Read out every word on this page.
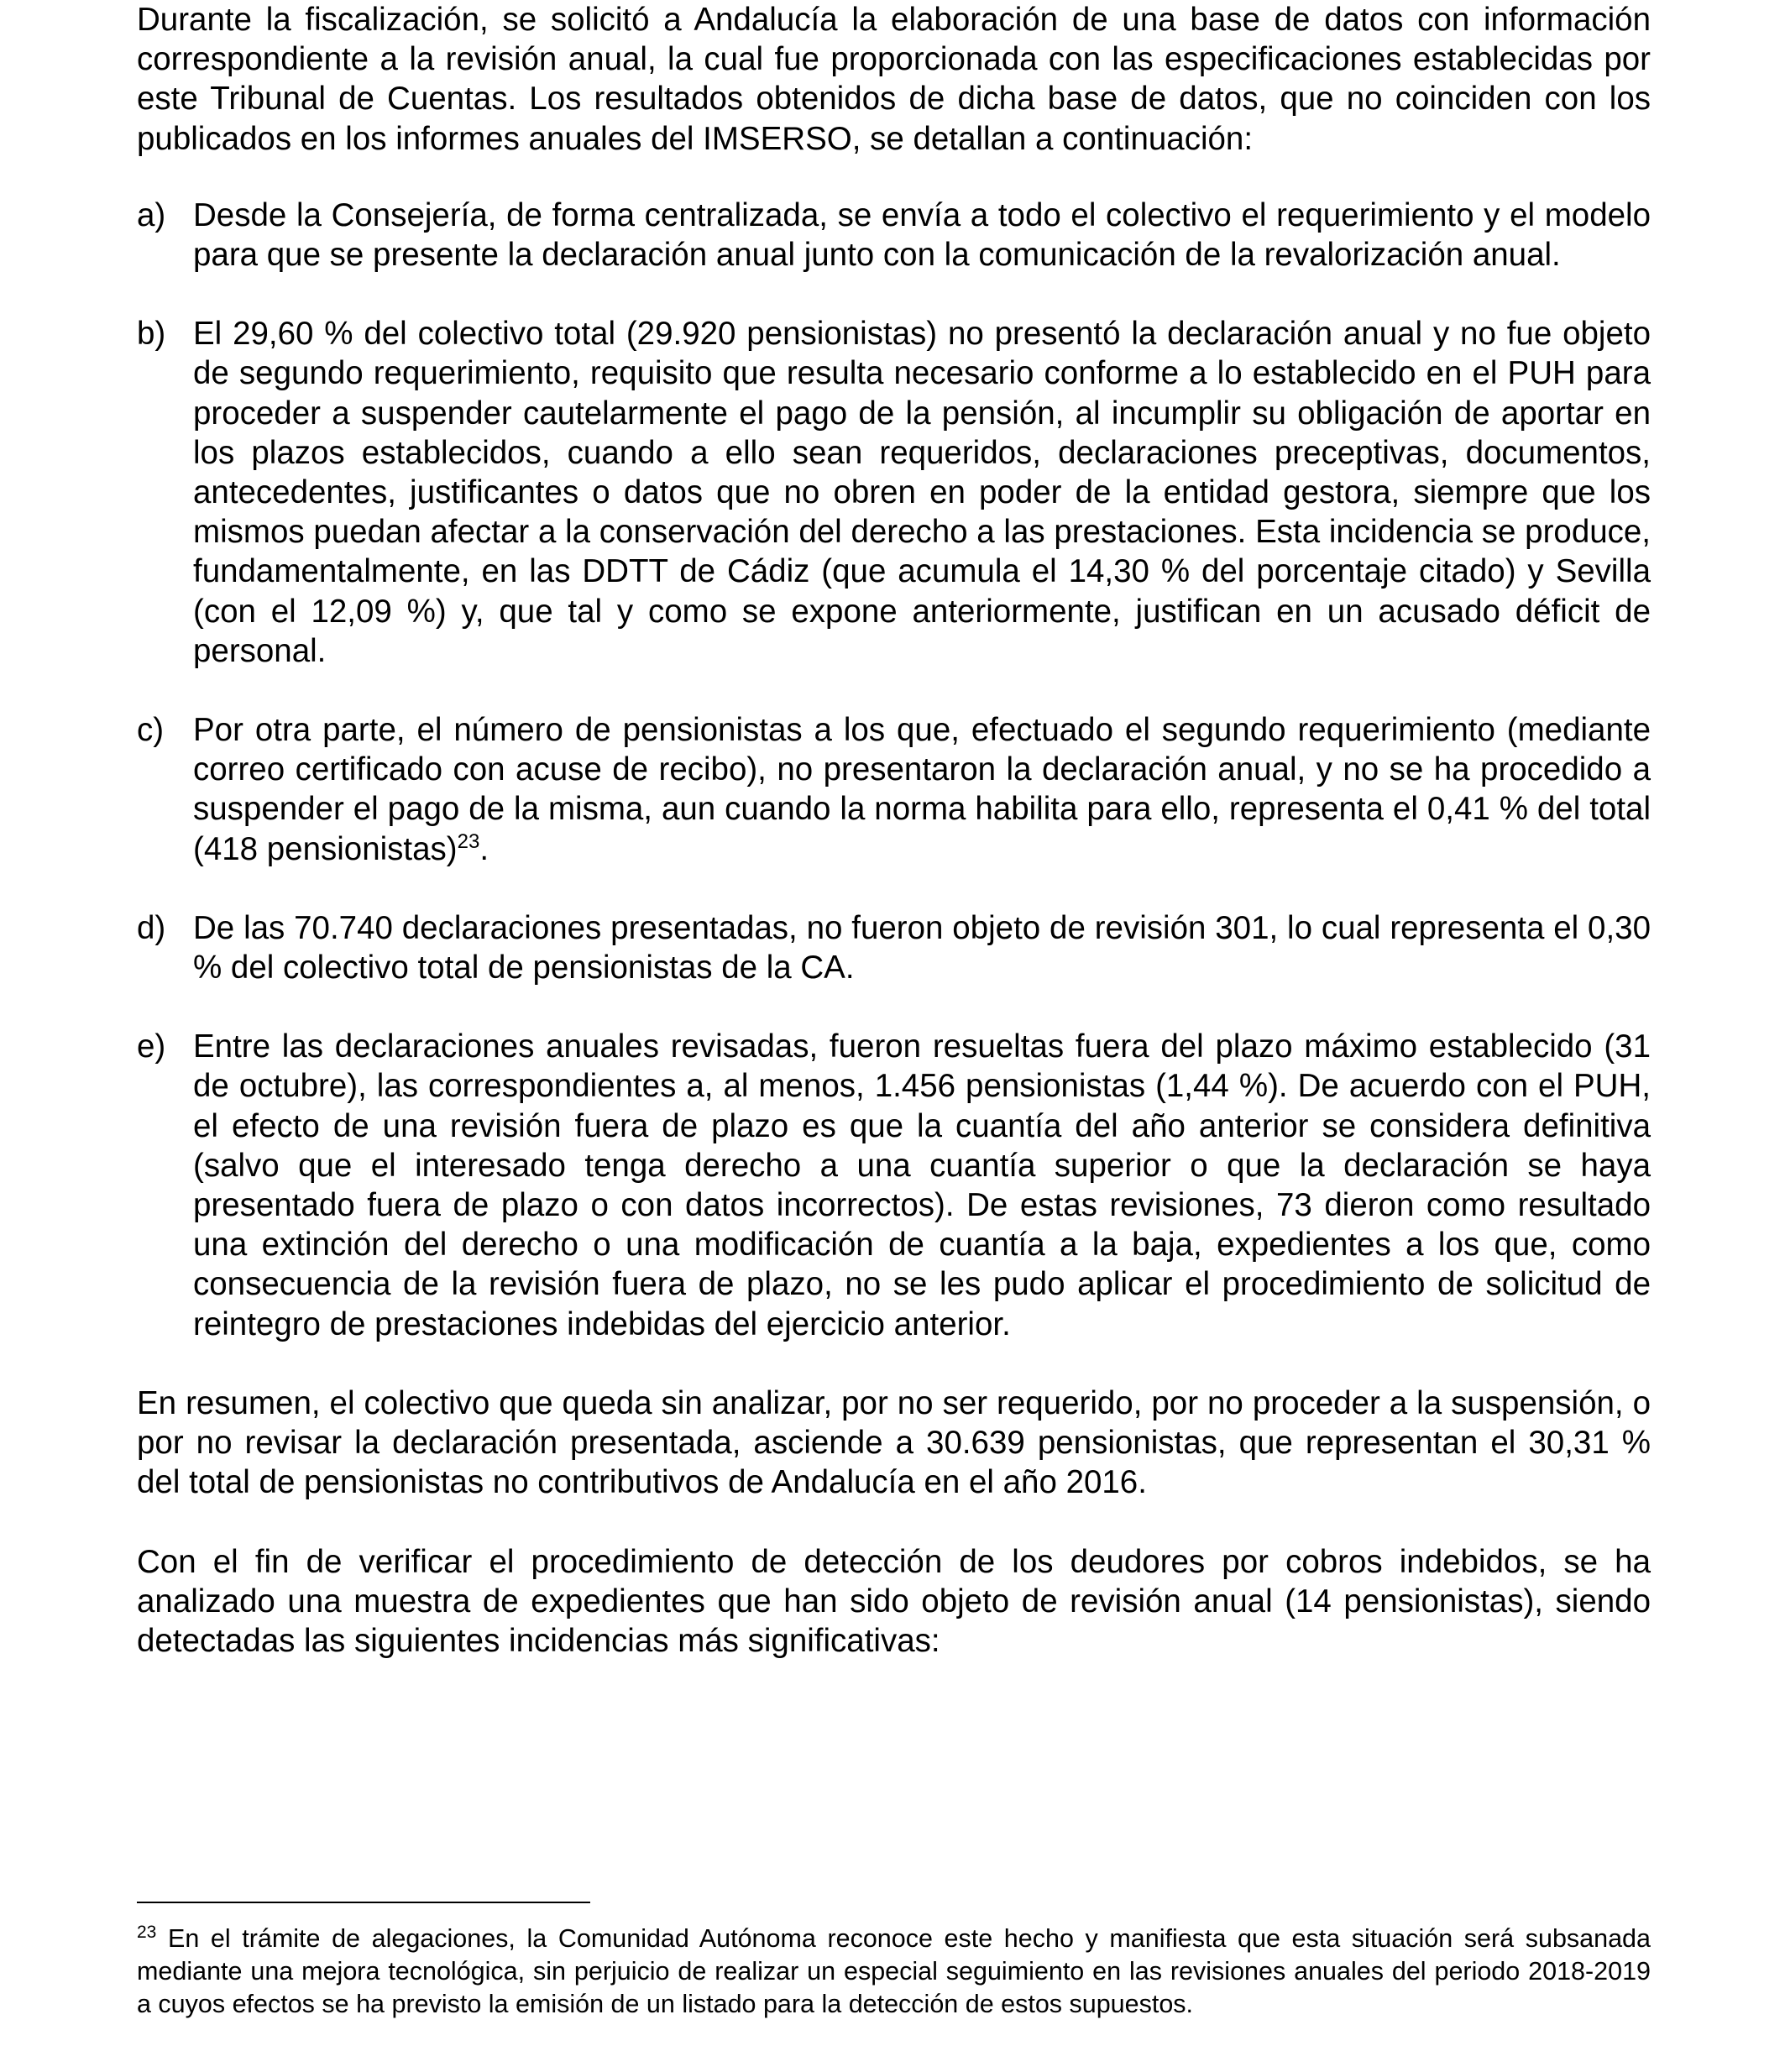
Durante la fiscalización, se solicitó a Andalucía la elaboración de una base de datos con información correspondiente a la revisión anual, la cual fue proporcionada con las especificaciones establecidas por este Tribunal de Cuentas. Los resultados obtenidos de dicha base de datos, que no coinciden con los publicados en los informes anuales del IMSERSO, se detallan a continuación:

a) Desde la Consejería, de forma centralizada, se envía a todo el colectivo el requerimiento y el modelo para que se presente la declaración anual junto con la comunicación de la revalorización anual.
b) El 29,60 % del colectivo total (29.920 pensionistas) no presentó la declaración anual y no fue objeto de segundo requerimiento, requisito que resulta necesario conforme a lo establecido en el PUH para proceder a suspender cautelarmente el pago de la pensión, al incumplir su obligación de aportar en los plazos establecidos, cuando a ello sean requeridos, declaraciones preceptivas, documentos, antecedentes, justificantes o datos que no obren en poder de la entidad gestora, siempre que los mismos puedan afectar a la conservación del derecho a las prestaciones. Esta incidencia se produce, fundamentalmente, en las DDTT de Cádiz (que acumula el 14,30 % del porcentaje citado) y Sevilla (con el 12,09 %) y, que tal y como se expone anteriormente, justifican en un acusado déficit de personal.
c) Por otra parte, el número de pensionistas a los que, efectuado el segundo requerimiento (mediante correo certificado con acuse de recibo), no presentaron la declaración anual, y no se ha procedido a suspender el pago de la misma, aun cuando la norma habilita para ello, representa el 0,41 % del total (418 pensionistas)$^{23}$.
d) De las 70.740 declaraciones presentadas, no fueron objeto de revisión 301, lo cual representa el 0,30 % del colectivo total de pensionistas de la CA.
e) Entre las declaraciones anuales revisadas, fueron resueltas fuera del plazo máximo establecido (31 de octubre), las correspondientes a, al menos, 1.456 pensionistas (1,44 %). De acuerdo con el PUH, el efecto de una revisión fuera de plazo es que la cuantía del año anterior se considera definitiva (salvo que el interesado tenga derecho a una cuantía superior o que la declaración se haya presentado fuera de plazo o con datos incorrectos). De estas revisiones, 73 dieron como resultado una extinción del derecho o una modificación de cuantía a la baja, expedientes a los que, como consecuencia de la revisión fuera de plazo, no se les pudo aplicar el procedimiento de solicitud de reintegro de prestaciones indebidas del ejercicio anterior.

En resumen, el colectivo que queda sin analizar, por no ser requerido, por no proceder a la suspensión, o por no revisar la declaración presentada, asciende a 30.639 pensionistas, que representan el 30,31 % del total de pensionistas no contributivos de Andalucía en el año 2016.

Con el fin de verificar el procedimiento de detección de los deudores por cobros indebidos, se ha analizado una muestra de expedientes que han sido objeto de revisión anual (14 pensionistas), siendo detectadas las siguientes incidencias más significativas:

$^{23}$ En el trámite de alegaciones, la Comunidad Autónoma reconoce este hecho y manifiesta que esta situación será subsanada mediante una mejora tecnológica, sin perjuicio de realizar un especial seguimiento en las revisiones anuales del periodo 2018-2019 a cuyos efectos se ha previsto la emisión de un listado para la detección de estos supuestos.
